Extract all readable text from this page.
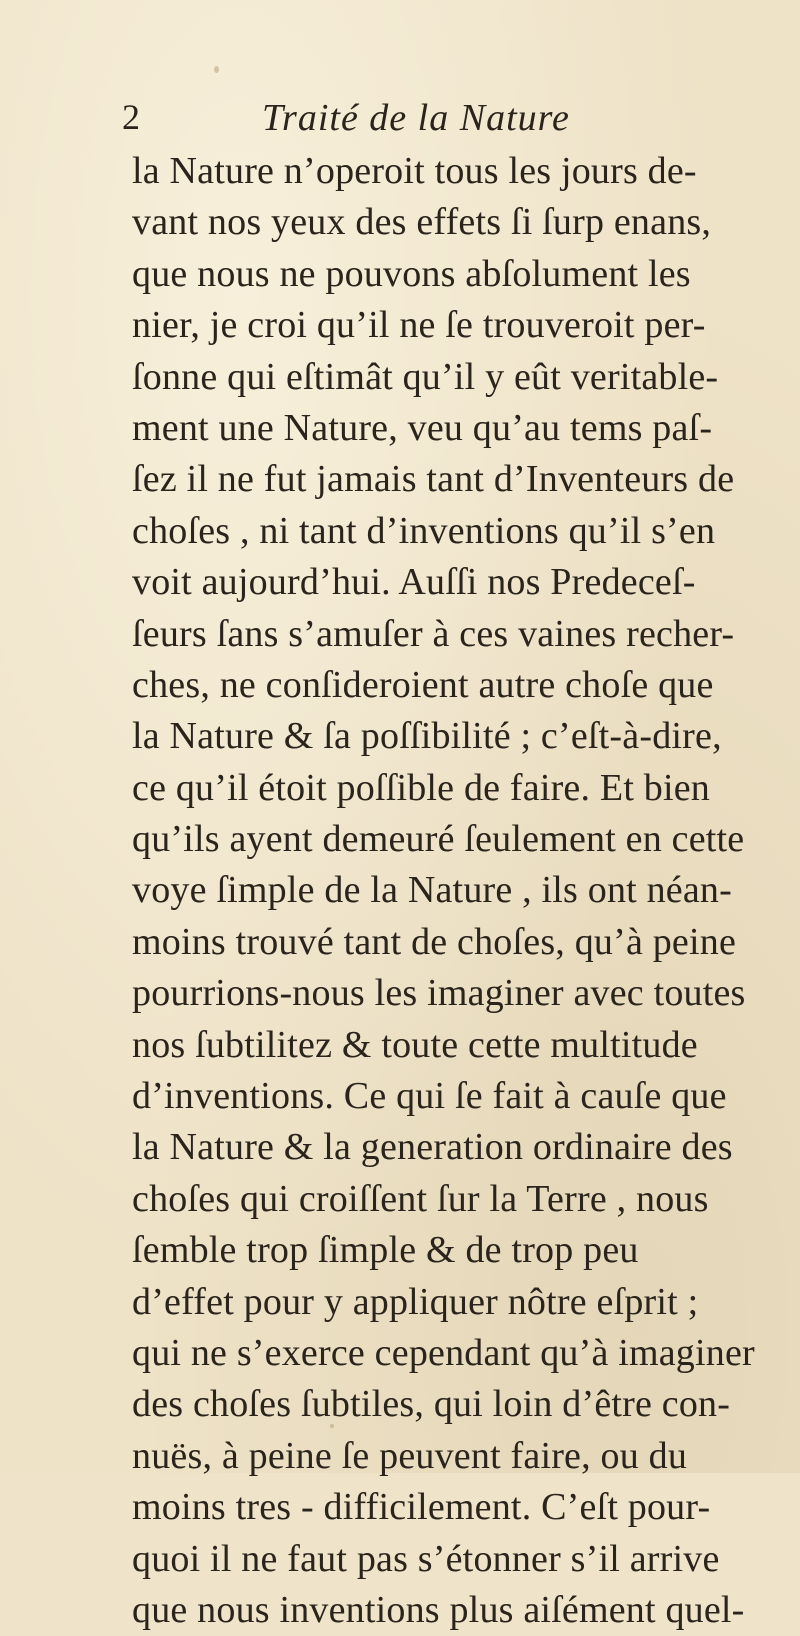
2	Traité de la Nature
la Nature n’operoit tous les jours de-
vant nos yeux des effets ſi ſurp enans,
que nous ne pouvons abſolument les
nier, je croi qu’il ne ſe trouveroit per-
ſonne qui eſtimât qu’il y eût veritable-
ment une Nature, veu qu’au tems paſ-
ſez il ne fut jamais tant d’Inventeurs de
choſes , ni tant d’inventions qu’il s’en
voit aujourd’hui. Auſſi nos Predeceſ-
ſeurs ſans s’amuſer à ces vaines recher-
ches, ne conſideroient autre choſe que
la Nature & ſa poſſibilité ; c’eſt-à-dire,
ce qu’il étoit poſſible de faire. Et bien
qu’ils ayent demeuré ſeulement en cette
voye ſimple de la Nature , ils ont néan-
moins trouvé tant de choſes, qu’à peine
pourrions-nous les imaginer avec toutes
nos ſubtilitez & toute cette multitude
d’inventions. Ce qui ſe fait à cauſe que
la Nature & la generation ordinaire des
choſes qui croiſſent ſur la Terre , nous
ſemble trop ſimple & de trop peu
d’effet pour y appliquer nôtre eſprit ;
qui ne s’exerce cependant qu’à imaginer
des choſes ſubtiles, qui loin d’être con-
nuës, à peine ſe peuvent faire, ou du
moins tres - difficilement. C’eſt pour-
quoi il ne faut pas s’étonner s’il arrive
que nous inventions plus aiſément quel-
